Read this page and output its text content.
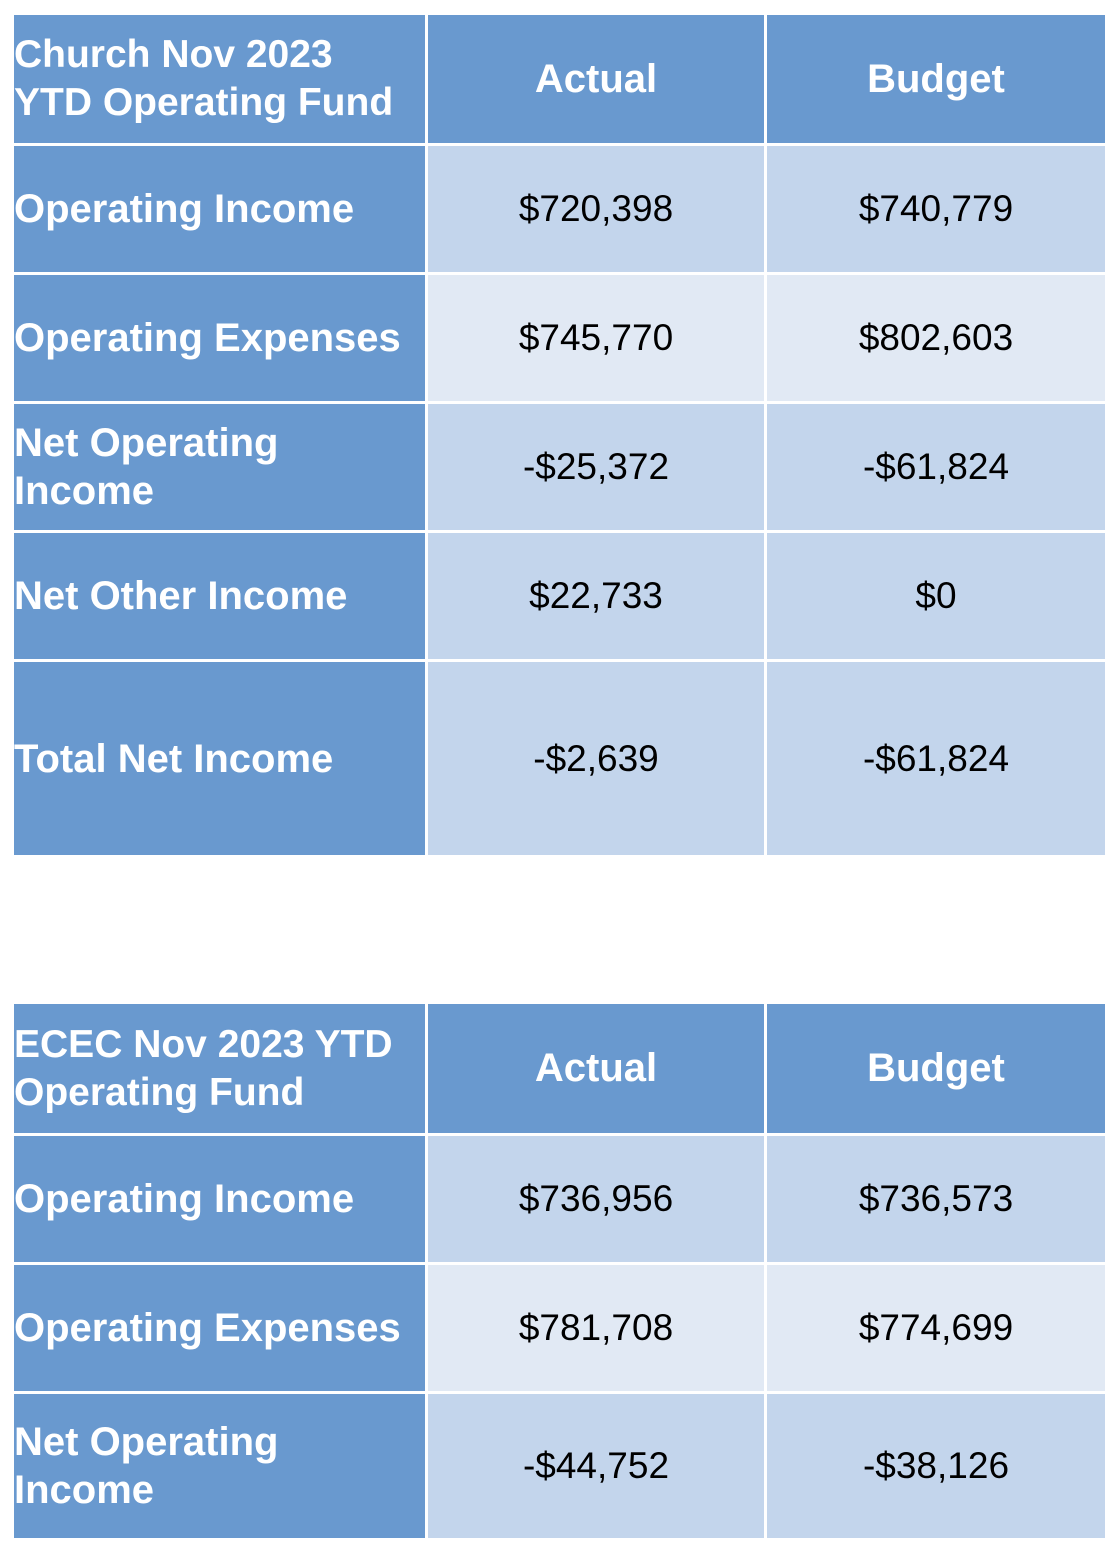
Church Nov 2023
YTD Operating Fund	Actual	Budget

Operating Income	$720,398	$740,779

Operating Expenses	$745,770	$802,603

Net Operating
Income	-$25,372	-$61,824

Net Other Income	$22,733	$0

Total Net Income	-$2,639	-$61,824
ECEC Nov 2023 YTD
Operating Fund	Actual	Budget

Operating Income	$736,956	$736,573

Operating Expenses	$781,708	$774,699

Net Operating
Income	-$44,752	-$38,126
